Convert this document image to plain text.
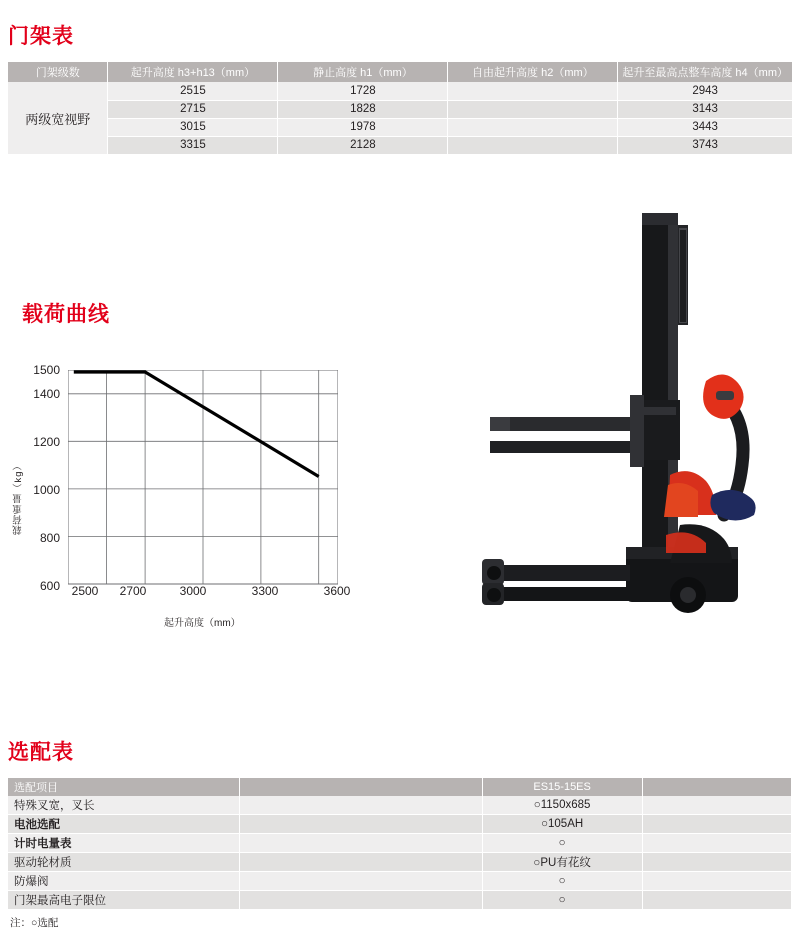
门架表
门架级数	起升高度 h3+h13（mm）	静止高度 h1（mm）	自由起升高度 h2（mm）	起升至最高点整车高度 h4（mm）
两级宽视野	2515	1728		2943
	2715	1828		3143
	3015	1978		3443
	3315	2128		3743
载荷曲线
载荷重量（kg）
起升高度（mm）
1500
1400
1200
1000
800
600 2500	2700	3000	3300	3600
选配表
选配项目		ES15-15ES	
特殊叉宽，叉长		○1150x685	
电池选配		○105AH	
计时电量表		○	
驱动轮材质		○PU有花纹	
防爆阀		○	
门架最高电子限位		○	
注：○选配
